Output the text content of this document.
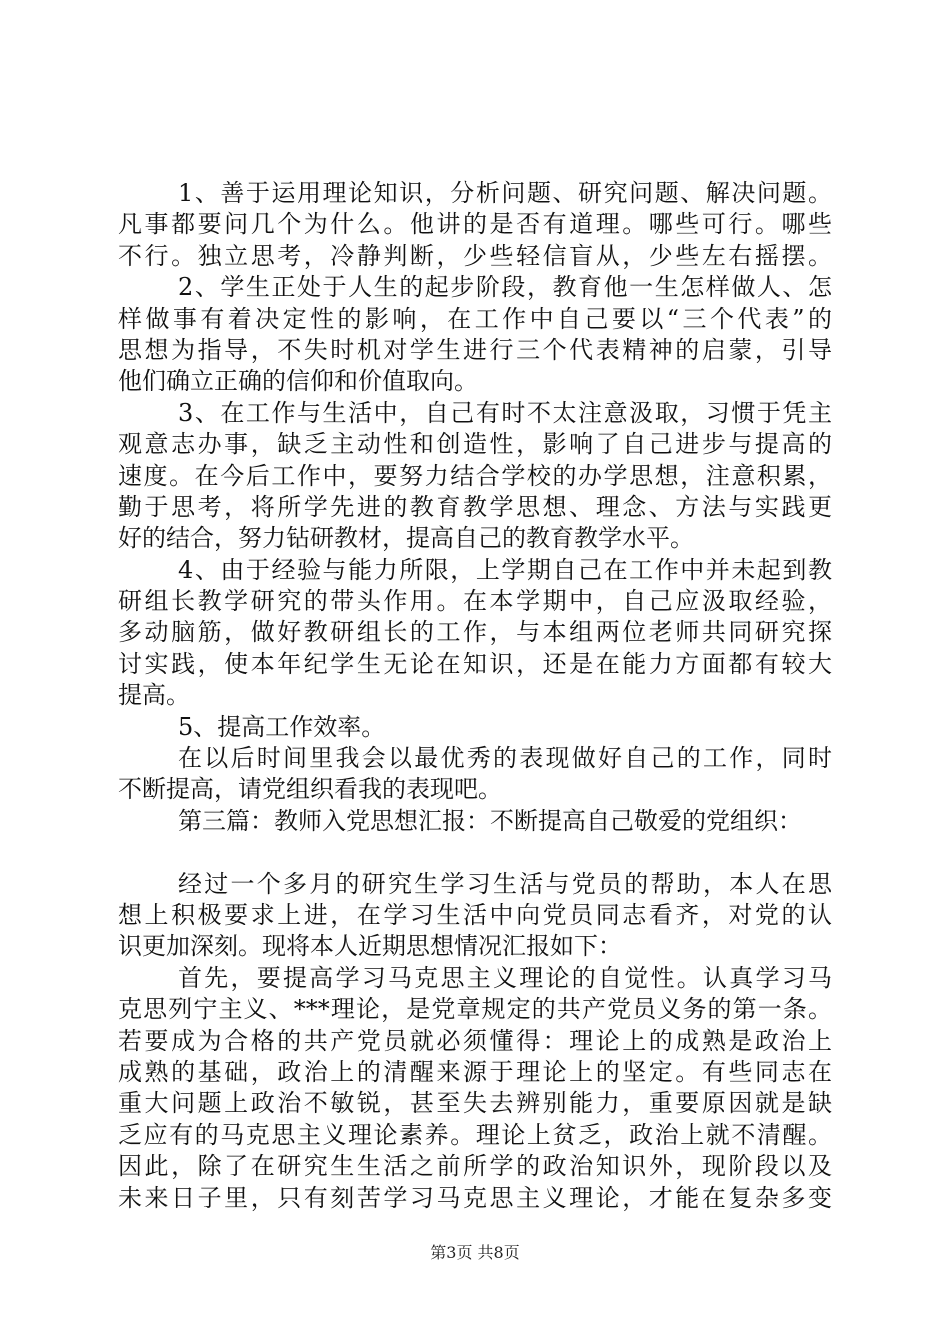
1、善于运用理论知识，分析问题、研究问题、解决问题。
凡事都要问几个为什么。他讲的是否有道理。哪些可行。哪些
不行。独立思考，冷静判断，少些轻信盲从，少些左右摇摆。
2、学生正处于人生的起步阶段，教育他一生怎样做人、怎
样做事有着决定性的影响，在工作中自己要以“三个代表”的
思想为指导，不失时机对学生进行三个代表精神的启蒙，引导
他们确立正确的信仰和价值取向。
3、在工作与生活中，自己有时不太注意汲取，习惯于凭主
观意志办事，缺乏主动性和创造性，影响了自己进步与提高的
速度。在今后工作中，要努力结合学校的办学思想，注意积累，
勤于思考，将所学先进的教育教学思想、理念、方法与实践更
好的结合，努力钻研教材，提高自己的教育教学水平。
4、由于经验与能力所限，上学期自己在工作中并未起到教
研组长教学研究的带头作用。在本学期中，自己应汲取经验，
多动脑筋，做好教研组长的工作，与本组两位老师共同研究探
讨实践，使本年纪学生无论在知识，还是在能力方面都有较大
提高。
5、提高工作效率。
在以后时间里我会以最优秀的表现做好自己的工作，同时
不断提高，请党组织看我的表现吧。
第三篇：教师入党思想汇报：不断提高自己敬爱的党组织：
经过一个多月的研究生学习生活与党员的帮助，本人在思
想上积极要求上进，在学习生活中向党员同志看齐，对党的认
识更加深刻。现将本人近期思想情况汇报如下：
首先，要提高学习马克思主义理论的自觉性。认真学习马
克思列宁主义、***理论，是党章规定的共产党员义务的第一条。
若要成为合格的共产党员就必须懂得：理论上的成熟是政治上
成熟的基础，政治上的清醒来源于理论上的坚定。有些同志在
重大问题上政治不敏锐，甚至失去辨别能力，重要原因就是缺
乏应有的马克思主义理论素养。理论上贫乏，政治上就不清醒。
因此，除了在研究生生活之前所学的政治知识外，现阶段以及
未来日子里，只有刻苦学习马克思主义理论，才能在复杂多变
第3页 共8页
